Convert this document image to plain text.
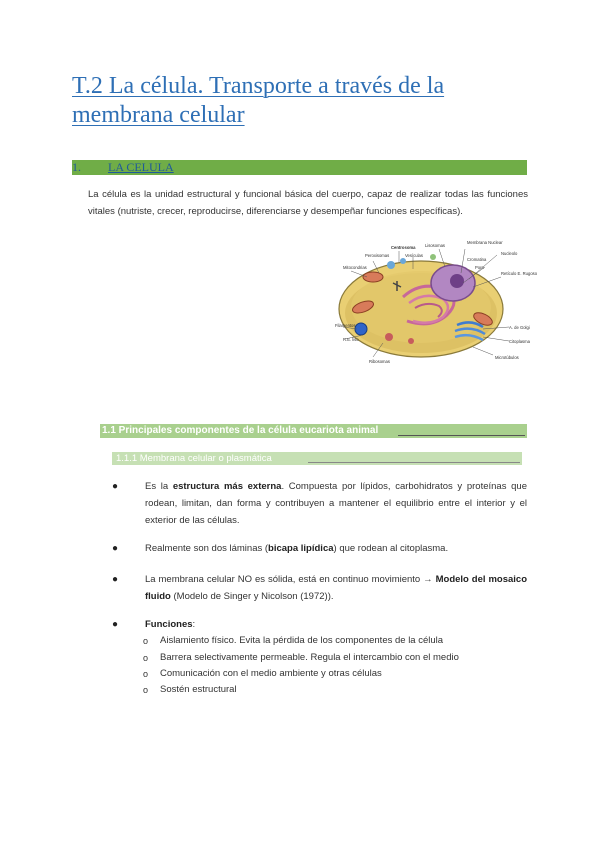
T.2 La célula. Transporte a través de la membrana celular
1. LA CELULA

La célula es la unidad estructural y funcional básica del cuerpo, capaz de realizar todas las funciones vitales (nutriste, crecer, reproducirse, diferenciarse y desempeñar funciones específicas).

Centrosoma Lisosomas
Membrana Nuclear
Nucleolo
Cromatina
Poro
Vesículas
Peroxisomas
Mitocondrias
Retículo E. Rugoso
Filamentos
R.E. liso
A. de Golgi
Citoplasma
Ribosomas
Microtúbulos
1.1 Principales componentes de la célula eucariota animal
1.1.1 Membrana celular o plasmática
●	Es la estructura más externa. Compuesta por lípidos, carbohidratos y proteínas que rodean, limitan, dan forma y contribuyen a mantener el equilibrio entre el interior y el exterior de las células.

●	Realmente son dos láminas (bicapa lipídica) que rodean al citoplasma.

●	La membrana celular NO es sólida, está en continuo movimiento → Modelo del mosaico fluido (Modelo de Singer y Nicolson (1972)).

●	Funciones:

o Aislamiento físico. Evita la pérdida de los componentes de la célula
o Barrera selectivamente permeable. Regula el intercambio con el medio
o Comunicación con el medio ambiente y otras células
o Sostén estructural
